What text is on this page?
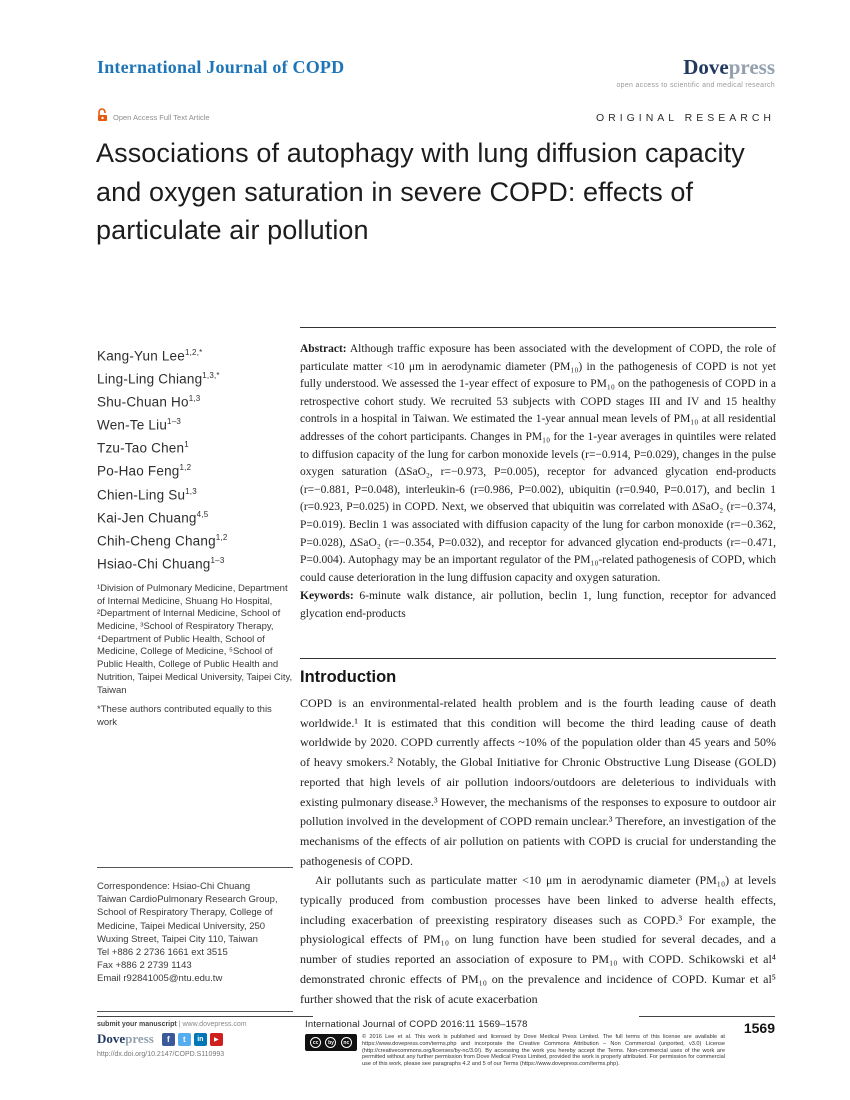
International Journal of COPD	Dovepress
open access to scientific and medical research
Open Access Full Text Article	ORIGINAL RESEARCH
Associations of autophagy with lung diffusion capacity and oxygen saturation in severe COPD: effects of particulate air pollution
Kang-Yun Lee$^{1,2,*}$
Ling-Ling Chiang$^{1,3,*}$
Shu-Chuan Ho$^{1,3}$
Wen-Te Liu$^{1-3}$
Tzu-Tao Chen$^1$
Po-Hao Feng$^{1,2}$
Chien-Ling Su$^{1,3}$
Kai-Jen Chuang$^{4,5}$
Chih-Cheng Chang$^{1,2}$
Hsiao-Chi Chuang$^{1-3}$
¹Division of Pulmonary Medicine, Department of Internal Medicine, Shuang Ho Hospital, ²Department of Internal Medicine, School of Medicine, ³School of Respiratory Therapy, ⁴Department of Public Health, School of Medicine, College of Medicine, ⁵School of Public Health, College of Public Health and Nutrition, Taipei Medical University, Taipei City, Taiwan
*These authors contributed equally to this work
Correspondence: Hsiao-Chi Chuang
Taiwan CardioPulmonary Research Group, School of Respiratory Therapy, College of Medicine, Taipei Medical University, 250 Wuxing Street, Taipei City 110, Taiwan
Tel +886 2 2736 1661 ext 3515
Fax +886 2 2739 1143
Email r92841005@ntu.edu.tw

Abstract: Although traffic exposure has been associated with the development of COPD, the role of particulate matter <10 μm in aerodynamic diameter (PM₁₀) in the pathogenesis of COPD is not yet fully understood. We assessed the 1-year effect of exposure to PM₁₀ on the pathogenesis of COPD in a retrospective cohort study. We recruited 53 subjects with COPD stages III and IV and 15 healthy controls in a hospital in Taiwan. We estimated the 1-year annual mean levels of PM₁₀ at all residential addresses of the cohort participants. Changes in PM₁₀ for the 1-year averages in quintiles were related to diffusion capacity of the lung for carbon monoxide levels (r=−0.914, P=0.029), changes in the pulse oxygen saturation (ΔSaO₂, r=−0.973, P=0.005), receptor for advanced glycation end-products (r=−0.881, P=0.048), interleukin-6 (r=0.986, P=0.002), ubiquitin (r=0.940, P=0.017), and beclin 1 (r=0.923, P=0.025) in COPD. Next, we observed that ubiquitin was correlated with ΔSaO₂ (r=−0.374, P=0.019). Beclin 1 was associated with diffusion capacity of the lung for carbon monoxide (r=−0.362, P=0.028), ΔSaO₂ (r=−0.354, P=0.032), and receptor for advanced glycation end-products (r=−0.471, P=0.004). Autophagy may be an important regulator of the PM₁₀-related pathogenesis of COPD, which could cause deterioration in the lung diffusion capacity and oxygen saturation.

Keywords: 6-minute walk distance, air pollution, beclin 1, lung function, receptor for advanced glycation end-products

Introduction

COPD is an environmental-related health problem and is the fourth leading cause of death worldwide.¹ It is estimated that this condition will become the third leading cause of death worldwide by 2020. COPD currently affects ~10% of the population older than 45 years and 50% of heavy smokers.² Notably, the Global Initiative for Chronic Obstructive Lung Disease (GOLD) reported that high levels of air pollution indoors/outdoors are deleterious to individuals with existing pulmonary disease.³ However, the mechanisms of the responses to exposure to outdoor air pollution involved in the development of COPD remain unclear.³ Therefore, an investigation of the mechanisms of the effects of air pollution on patients with COPD is crucial for understanding the pathogenesis of COPD.

Air pollutants such as particulate matter <10 μm in aerodynamic diameter (PM₁₀) at levels typically produced from combustion processes have been linked to adverse health effects, including exacerbation of preexisting respiratory diseases such as COPD.³ For example, the physiological effects of PM₁₀ on lung function have been studied for several decades, and a number of studies reported an association of exposure to PM₁₀ with COPD. Schikowski et al⁴ demonstrated chronic effects of PM₁₀ on the prevalence and incidence of COPD. Kumar et al⁵ further showed that the risk of acute exacerbation

submit your manuscript | www.dovepress.com
Dovepress	f	t	in	▶
http://dx.doi.org/10.2147/COPD.S110993
International Journal of COPD 2016:11 1569–1578
cc	by	nc
© 2016 Lee et al. This work is published and licensed by Dove Medical Press Limited. The full terms of this license are available at https://www.dovepress.com/terms.php and incorporate the Creative Commons Attribution – Non Commercial (unported, v3.0) License (http://creativecommons.org/licenses/by-nc/3.0/). By accessing the work you hereby accept the Terms. Non-commercial uses of the work are permitted without any further permission from Dove Medical Press Limited, provided the work is properly attributed. For permission for commercial use of this work, please see paragraphs 4.2 and 5 of our Terms (https://www.dovepress.com/terms.php).
1569
